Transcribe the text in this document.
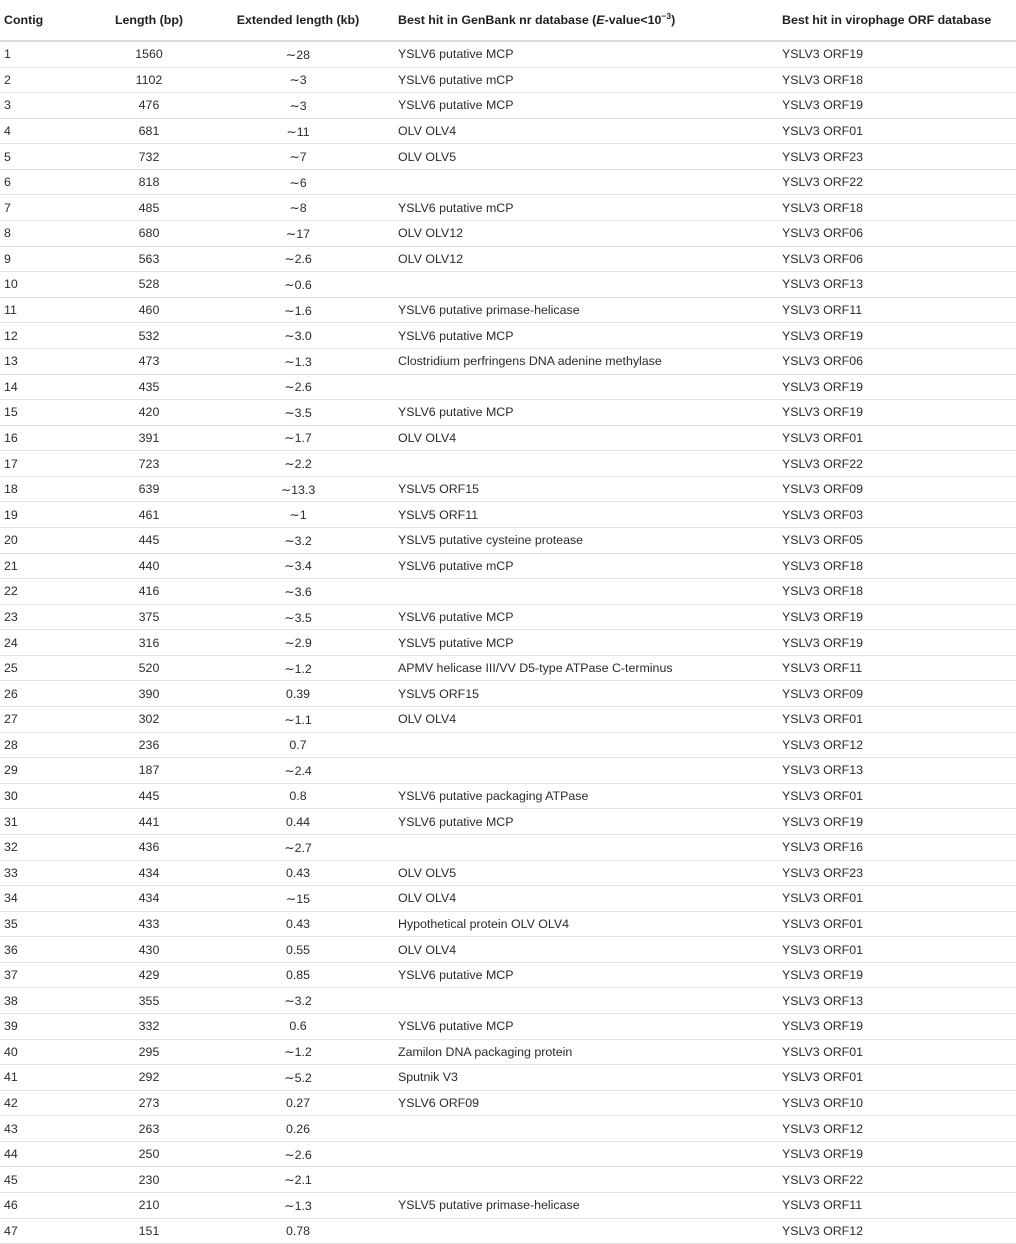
Contig	Length (bp)	Extended length (kb)	Best hit in GenBank nr database $(E-value<10^{-3})$	Best hit in virophage ORF database
1	1560	∼28	YSLV6 putative MCP	YSLV3 ORF19
2	1102	∼3	YSLV6 putative mCP	YSLV3 ORF18
3	476	∼3	YSLV6 putative MCP	YSLV3 ORF19
4	681	∼11	OLV OLV4	YSLV3 ORF01
5	732	∼7	OLV OLV5	YSLV3 ORF23
6	818	∼6		YSLV3 ORF22
7	485	∼8	YSLV6 putative mCP	YSLV3 ORF18
8	680	∼17	OLV OLV12	YSLV3 ORF06
9	563	∼2.6	OLV OLV12	YSLV3 ORF06
10	528	∼0.6		YSLV3 ORF13
11	460	∼1.6	YSLV6 putative primase-helicase	YSLV3 ORF11
12	532	∼3.0	YSLV6 putative MCP	YSLV3 ORF19
13	473	∼1.3	Clostridium perfringens DNA adenine methylase	YSLV3 ORF06
14	435	∼2.6		YSLV3 ORF19
15	420	∼3.5	YSLV6 putative MCP	YSLV3 ORF19
16	391	∼1.7	OLV OLV4	YSLV3 ORF01
17	723	∼2.2		YSLV3 ORF22
18	639	∼13.3	YSLV5 ORF15	YSLV3 ORF09
19	461	∼1	YSLV5 ORF11	YSLV3 ORF03
20	445	∼3.2	YSLV5 putative cysteine protease	YSLV3 ORF05
21	440	∼3.4	YSLV6 putative mCP	YSLV3 ORF18
22	416	∼3.6		YSLV3 ORF18
23	375	∼3.5	YSLV6 putative MCP	YSLV3 ORF19
24	316	∼2.9	YSLV5 putative MCP	YSLV3 ORF19
25	520	∼1.2	APMV helicase III/VV D5-type ATPase C-terminus	YSLV3 ORF11
26	390	0.39	YSLV5 ORF15	YSLV3 ORF09
27	302	∼1.1	OLV OLV4	YSLV3 ORF01
28	236	0.7		YSLV3 ORF12
29	187	∼2.4		YSLV3 ORF13
30	445	0.8	YSLV6 putative packaging ATPase	YSLV3 ORF01
31	441	0.44	YSLV6 putative MCP	YSLV3 ORF19
32	436	∼2.7		YSLV3 ORF16
33	434	0.43	OLV OLV5	YSLV3 ORF23
34	434	∼15	OLV OLV4	YSLV3 ORF01
35	433	0.43	Hypothetical protein OLV OLV4	YSLV3 ORF01
36	430	0.55	OLV OLV4	YSLV3 ORF01
37	429	0.85	YSLV6 putative MCP	YSLV3 ORF19
38	355	∼3.2		YSLV3 ORF13
39	332	0.6	YSLV6 putative MCP	YSLV3 ORF19
40	295	∼1.2	Zamilon DNA packaging protein	YSLV3 ORF01
41	292	∼5.2	Sputnik V3	YSLV3 ORF01
42	273	0.27	YSLV6 ORF09	YSLV3 ORF10
43	263	0.26		YSLV3 ORF12
44	250	∼2.6		YSLV3 ORF19
45	230	∼2.1		YSLV3 ORF22
46	210	∼1.3	YSLV5 putative primase-helicase	YSLV3 ORF11
47	151	0.78		YSLV3 ORF12
